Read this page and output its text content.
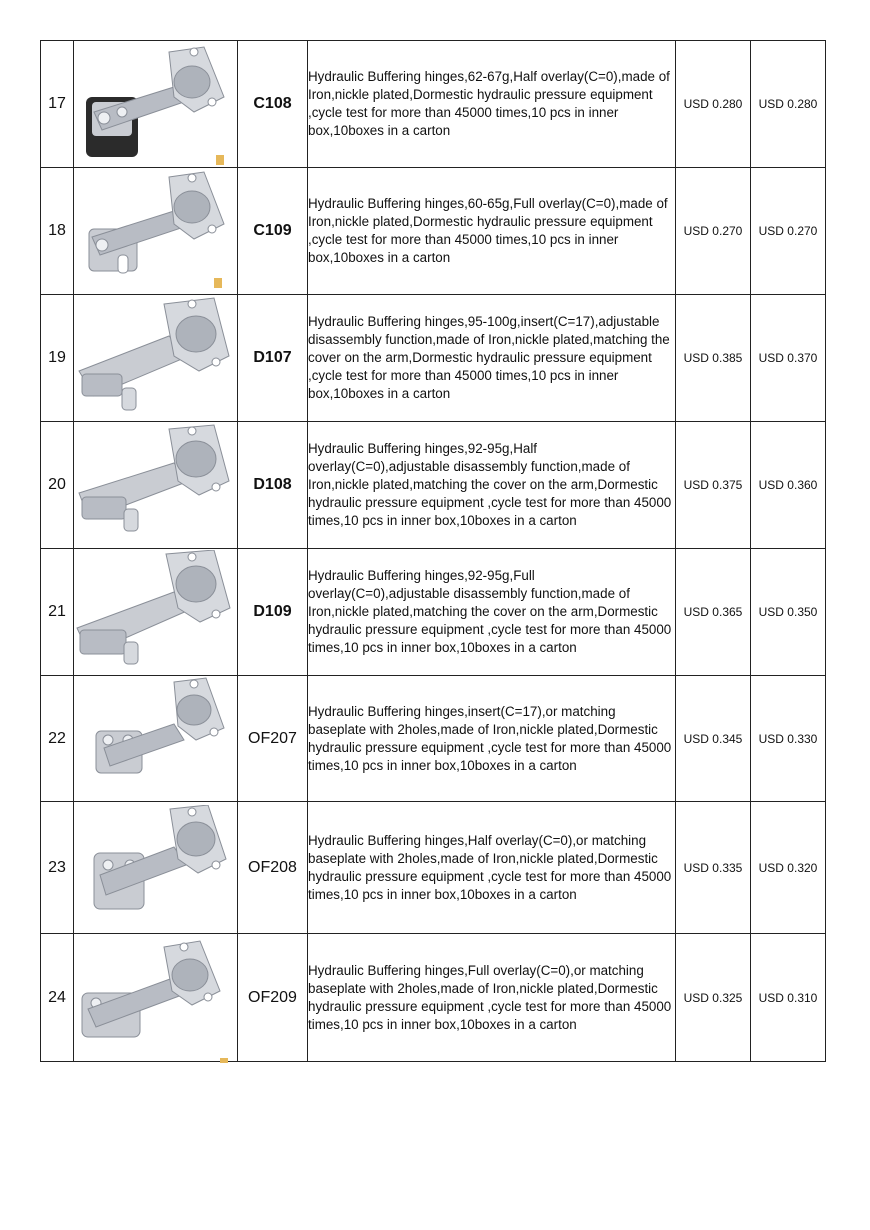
17		C108	Hydraulic Buffering hinges,62-67g,Half overlay(C=0),made of Iron,nickle plated,Dormestic hydraulic pressure equipment ,cycle test for more than 45000 times,10 pcs in inner box,10boxes in a carton	USD 0.280	USD 0.280
18		C109	Hydraulic Buffering hinges,60-65g,Full overlay(C=0),made of Iron,nickle plated,Dormestic hydraulic pressure equipment ,cycle test for more than 45000 times,10 pcs in inner box,10boxes in a carton	USD 0.270	USD 0.270
19		D107	Hydraulic Buffering hinges,95-100g,insert(C=17),adjustable disassembly function,made of Iron,nickle plated,matching the cover on the arm,Dormestic hydraulic pressure equipment ,cycle test for more than 45000 times,10 pcs in inner box,10boxes in a carton	USD 0.385	USD 0.370
20		D108	Hydraulic Buffering hinges,92-95g,Half overlay(C=0),adjustable disassembly function,made of Iron,nickle plated,matching the cover on the arm,Dormestic hydraulic pressure equipment ,cycle test for more than 45000 times,10 pcs in inner box,10boxes in a carton	USD 0.375	USD 0.360
21		D109	Hydraulic Buffering hinges,92-95g,Full overlay(C=0),adjustable disassembly function,made of Iron,nickle plated,matching the cover on the arm,Dormestic hydraulic pressure equipment ,cycle test for more than 45000 times,10 pcs in inner box,10boxes in a carton	USD 0.365	USD 0.350
22		OF207	Hydraulic Buffering hinges,insert(C=17),or matching baseplate with 2holes,made of Iron,nickle plated,Dormestic hydraulic pressure equipment ,cycle test for more than 45000 times,10 pcs in inner box,10boxes in a carton	USD 0.345	USD 0.330
23		OF208	Hydraulic Buffering hinges,Half overlay(C=0),or matching baseplate with 2holes,made of Iron,nickle plated,Dormestic hydraulic pressure equipment ,cycle test for more than 45000 times,10 pcs in inner box,10boxes in a carton	USD 0.335	USD 0.320
24		OF209	Hydraulic Buffering hinges,Full overlay(C=0),or matching baseplate with 2holes,made of Iron,nickle plated,Dormestic hydraulic pressure equipment ,cycle test for more than 45000 times,10 pcs in inner box,10boxes in a carton	USD 0.325	USD 0.310
